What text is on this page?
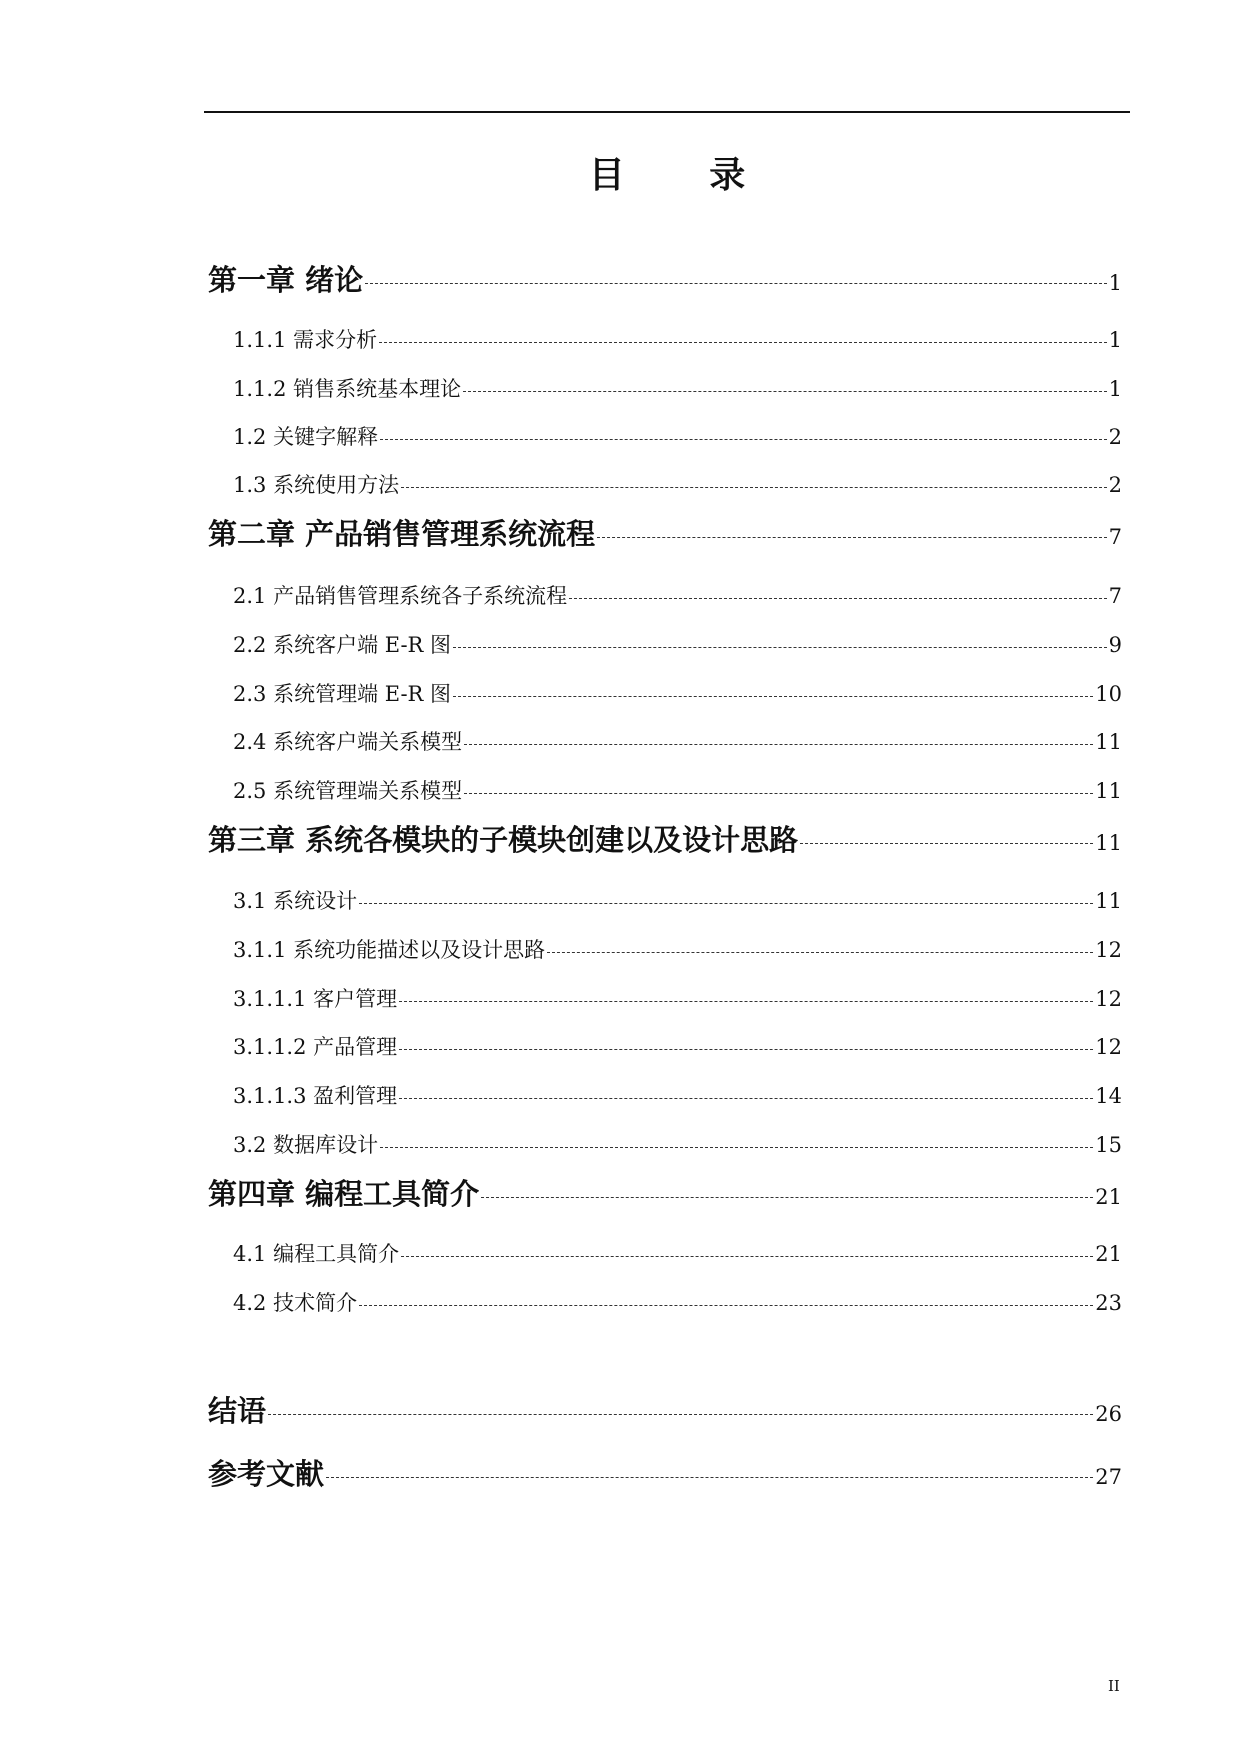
目 录
第一章 绪论	1
1.1.1 需求分析	1
1.1.2 销售系统基本理论	1
1.2 关键字解释	2
1.3 系统使用方法	2
第二章 产品销售管理系统流程	7
2.1 产品销售管理系统各子系统流程	7
2.2 系统客户端 E-R 图	9
2.3 系统管理端 E-R 图	10
2.4 系统客户端关系模型	11
2.5 系统管理端关系模型	11
第三章 系统各模块的子模块创建以及设计思路	11
3.1 系统设计	11
3.1.1 系统功能描述以及设计思路	12
3.1.1.1 客户管理	12
3.1.1.2 产品管理	12
3.1.1.3 盈利管理	14
3.2 数据库设计	15
第四章 编程工具简介	21
4.1 编程工具简介	21
4.2 技术简介	23
结语	26
参考文献	27
II
